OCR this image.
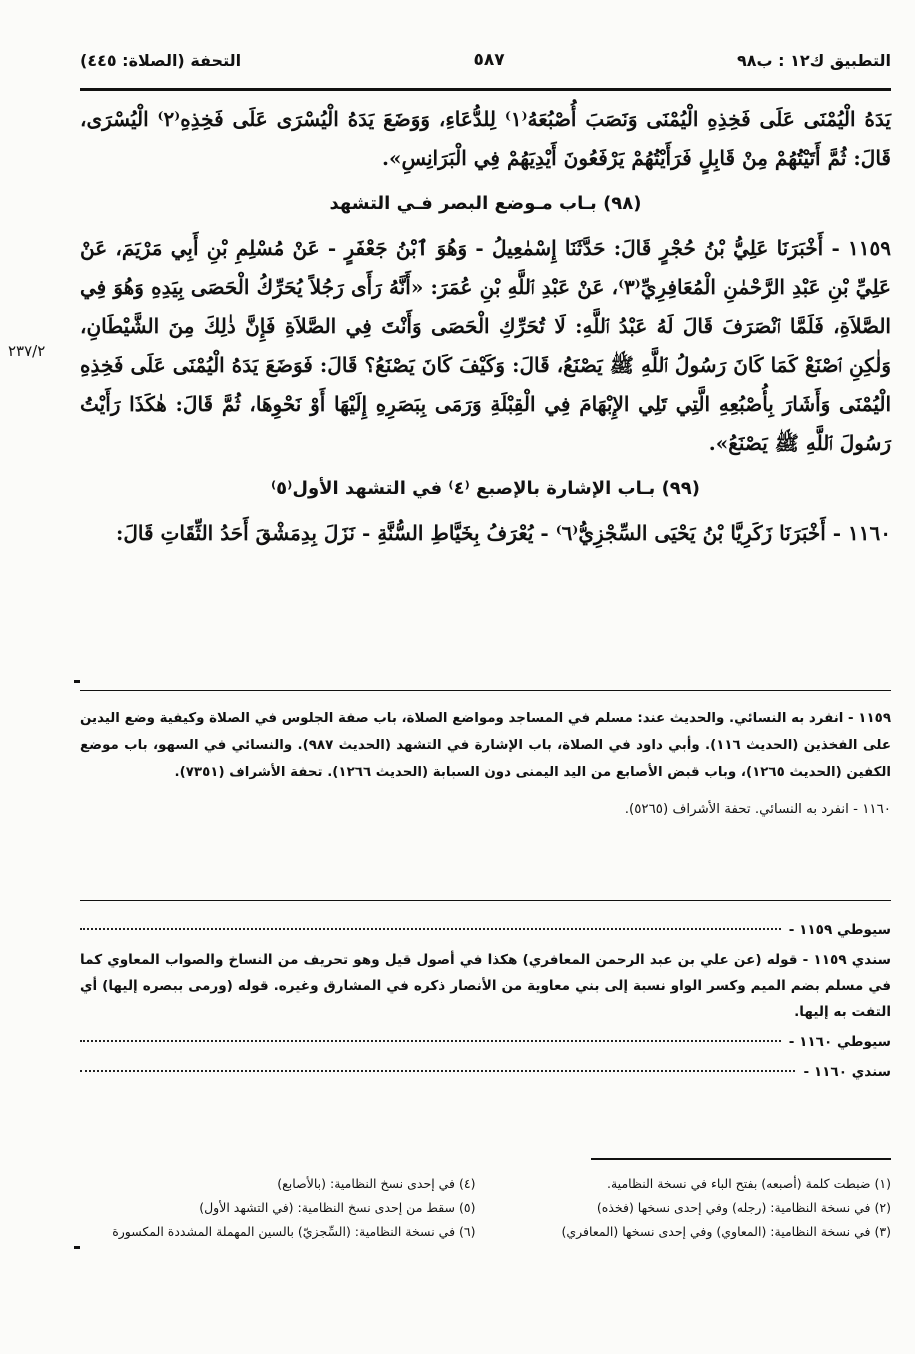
التطبيق ك١٢ : ب٩٨
٥٨٧
التحفة (الصلاة: ٤٤٥)
٢٣٧/٢

يَدَهُ الْيُمْنَى عَلَى فَخِذِهِ الْيُمْنَى وَنَصَبَ أُصْبُعَهُ⁽١⁾ لِلدُّعَاءِ، وَوَضَعَ يَدَهُ الْيُسْرَى عَلَى فَخِذِهِ⁽٢⁾ الْيُسْرَى، قَالَ: ثُمَّ أَتَيْتُهُمْ مِنْ قَابِلٍ فَرَأَيْتُهُمْ يَرْفَعُونَ أَيْدِيَهُمْ فِي الْبَرَانِسِ».

(٩٨) بـاب مـوضع البصر فـي التشهد

١١٥٩ - أَخْبَرَنَا عَلِيُّ بْنُ حُجْرٍ قَالَ: حَدَّثَنَا إِسْمٰعِيلُ - وَهُوَ ٱبْنُ جَعْفَرٍ - عَنْ مُسْلِمِ بْنِ أَبِي مَرْيَمَ، عَنْ عَلِيِّ بْنِ عَبْدِ الرَّحْمٰنِ الْمُعَافِرِيِّ⁽٣⁾، عَنْ عَبْدِ ٱللَّهِ بْنِ عُمَرَ: «أَنَّهُ رَأَى رَجُلاً يُحَرِّكُ الْحَصَى بِيَدِهِ وَهُوَ فِي الصَّلاَةِ، فَلَمَّا ٱنْصَرَفَ قَالَ لَهُ عَبْدُ ٱللَّهِ: لَا تُحَرِّكِ الْحَصَى وَأَنْتَ فِي الصَّلاَةِ فَإِنَّ ذٰلِكَ مِنَ الشَّيْطَانِ، وَلٰكِنِ ٱصْنَعْ كَمَا كَانَ رَسُولُ ٱللَّهِ ﷺ يَصْنَعُ، قَالَ: وَكَيْفَ كَانَ يَصْنَعُ؟ قَالَ: فَوَضَعَ يَدَهُ الْيُمْنَى عَلَى فَخِذِهِ الْيُمْنَى وَأَشَارَ بِأُصْبُعِهِ الَّتِي تَلِي الإِبْهَامَ فِي الْقِبْلَةِ وَرَمَى بِبَصَرِهِ إِلَيْهَا أَوْ نَحْوِهَا، ثُمَّ قَالَ: هٰكَذَا رَأَيْتُ رَسُولَ ٱللَّهِ ﷺ يَصْنَعُ».

(٩٩) بـاب الإشارة بالإصبع ⁽٤⁾ في التشهد الأول⁽٥⁾

١١٦٠ - أَخْبَرَنَا زَكَرِيَّا بْنُ يَحْيَى السِّجْزِيُّ⁽٦⁾ - يُعْرَفُ بِخَيَّاطِ السُّنَّةِ - نَزَلَ بِدِمَشْقَ أَحَدُ الثِّقَاتِ قَالَ:

١١٥٩ - انفرد به النسائي. والحديث عند: مسلم في المساجد ومواضع الصلاة، باب صفة الجلوس في الصلاة وكيفية وضع اليدين على الفخذين (الحديث ١١٦). وأبي داود في الصلاة، باب الإشارة في التشهد (الحديث ٩٨٧). والنسائي في السهو، باب موضع الكفين (الحديث ١٢٦٥)، وباب قبض الأصابع من اليد اليمنى دون السبابة (الحديث ١٢٦٦). تحفة الأشراف (٧٣٥١).

١١٦٠ - انفرد به النسائي. تحفة الأشراف (٥٢٦٥).

سيوطي ١١٥٩ -

سندي ١١٥٩ - قوله (عن علي بن عبد الرحمن المعافري) هكذا في أصول قيل وهو تحريف من النساخ والصواب المعاوي كما في مسلم بضم الميم وكسر الواو نسبة إلى بني معاوية من الأنصار ذكره في المشارق وغيره. قوله (ورمى ببصره إليها) أي التفت به إليها.

سيوطي ١١٦٠ -
سندي ١١٦٠ -
(١) ضبطت كلمة (أصبعه) بفتح الباء في نسخة النظامية.
(٢) في نسخة النظامية: (رجله) وفي إحدى نسخها (فخذه)
(٣) في نسخة النظامية: (المعاوي) وفي إحدى نسخها (المعافري)
(٤) في إحدى نسخ النظامية: (بالأصابع)
(٥) سقط من إحدى نسخ النظامية: (في التشهد الأول)
(٦) في نسخة النظامية: (السِّجزيّ) بالسين المهملة المشددة المكسورة
